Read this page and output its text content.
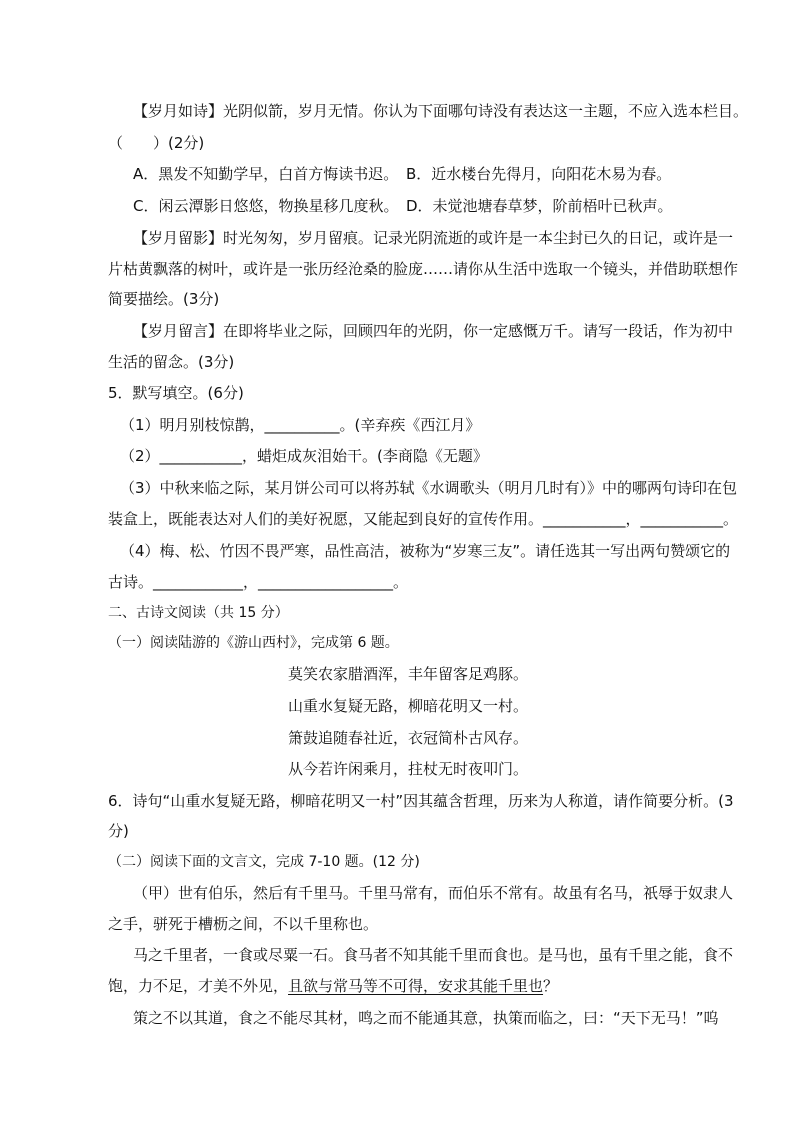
【岁月如诗】光阴似箭，岁月无情。你认为下面哪句诗没有表达这一主题，不应入选本栏目。
（　　）(2分)
A．黑发不知勤学早，白首方悔读书迟。 B．近水楼台先得月，向阳花木易为春。
C．闲云潭影日悠悠，物换星移几度秋。 D．未觉池塘春草梦，阶前梧叶已秋声。
【岁月留影】时光匆匆，岁月留痕。记录光阴流逝的或许是一本尘封已久的日记，或许是一
片枯黄飘落的树叶，或许是一张历经沧桑的脸庞……请你从生活中选取一个镜头，并借助联想作
简要描绘。(3分)
【岁月留言】在即将毕业之际，回顾四年的光阴，你一定感慨万千。请写一段话，作为初中
生活的留念。(3分)
5．默写填空。(6分)
（1）明月别枝惊鹊，__________。(辛弃疾《西江月》
（2）___________，蜡炬成灰泪始干。(李商隐《无题》
（3）中秋来临之际，某月饼公司可以将苏轼《水调歌头（明月几时有）》中的哪两句诗印在包
装盒上，既能表达对人们的美好祝愿，又能起到良好的宣传作用。___________，___________。
（4）梅、松、竹因不畏严寒，品性高洁，被称为“岁寒三友”。请任选其一写出两句赞颂它的
古诗。____________，__________________。
二、古诗文阅读（共 15 分）
（一）阅读陆游的《游山西村》，完成第 6 题。
莫笑农家腊酒浑，丰年留客足鸡豚。
山重水复疑无路，柳暗花明又一村。
箫鼓追随春社近，衣冠简朴古风存。
从今若许闲乘月，拄杖无时夜叩门。
6．诗句“山重水复疑无路，柳暗花明又一村”因其蕴含哲理，历来为人称道，请作简要分析。(3
分)
（二）阅读下面的文言文，完成 7-10 题。(12 分)
（甲）世有伯乐，然后有千里马。千里马常有，而伯乐不常有。故虽有名马，祇辱于奴隶人
之手，骈死于槽枥之间，不以千里称也。
马之千里者，一食或尽粟一石。食马者不知其能千里而食也。是马也，虽有千里之能，食不
饱，力不足，才美不外见，且欲与常马等不可得，安求其能千里也？
策之不以其道，食之不能尽其材，鸣之而不能通其意，执策而临之，曰：“天下无马！”呜
